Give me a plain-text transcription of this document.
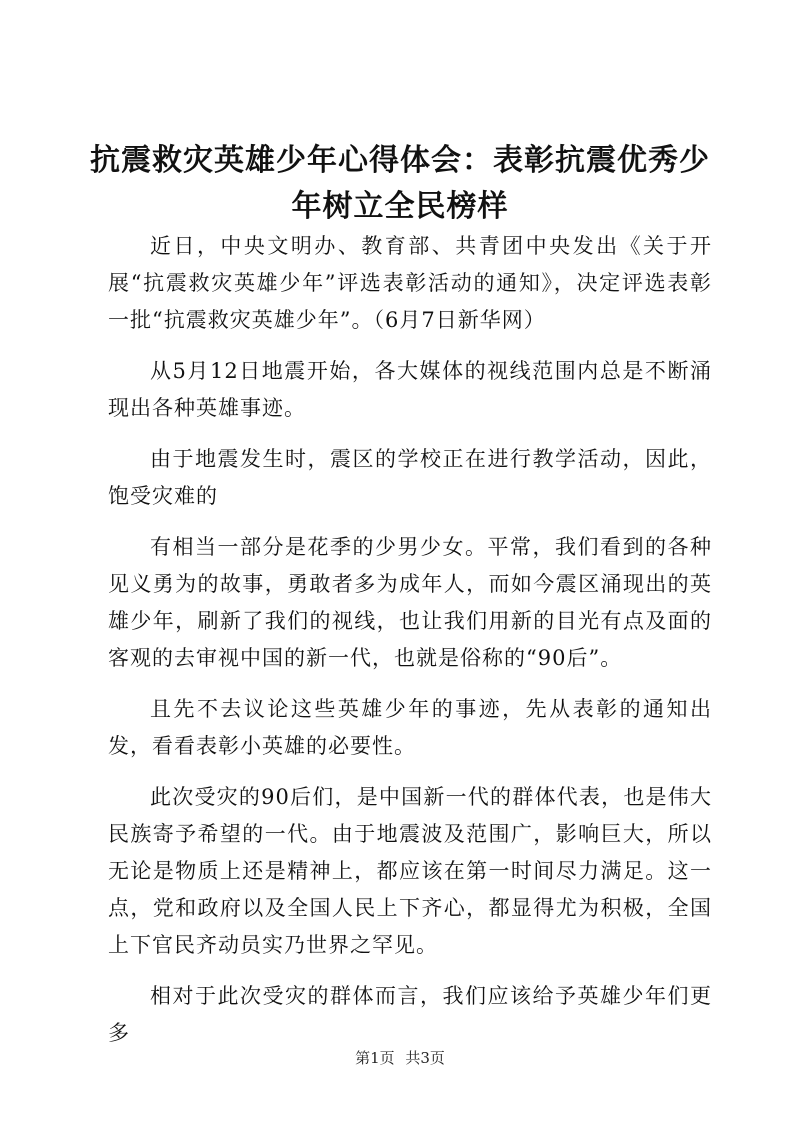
抗震救灾英雄少年心得体会：表彰抗震优秀少年树立全民榜样

近日，中央文明办、教育部、共青团中央发出《关于开展“抗震救灾英雄少年”评选表彰活动的通知》，决定评选表彰一批“抗震救灾英雄少年”。（6月7日新华网）

从5月12日地震开始，各大媒体的视线范围内总是不断涌现出各种英雄事迹。

由于地震发生时，震区的学校正在进行教学活动，因此，饱受灾难的

有相当一部分是花季的少男少女。平常，我们看到的各种见义勇为的故事，勇敢者多为成年人，而如今震区涌现出的英雄少年，刷新了我们的视线，也让我们用新的目光有点及面的客观的去审视中国的新一代，也就是俗称的“90后”。

且先不去议论这些英雄少年的事迹，先从表彰的通知出发，看看表彰小英雄的必要性。

此次受灾的90后们，是中国新一代的群体代表，也是伟大民族寄予希望的一代。由于地震波及范围广，影响巨大，所以无论是物质上还是精神上，都应该在第一时间尽力满足。这一点，党和政府以及全国人民上下齐心，都显得尤为积极，全国上下官民齐动员实乃世界之罕见。

相对于此次受灾的群体而言，我们应该给予英雄少年们更多

第1页 共3页
